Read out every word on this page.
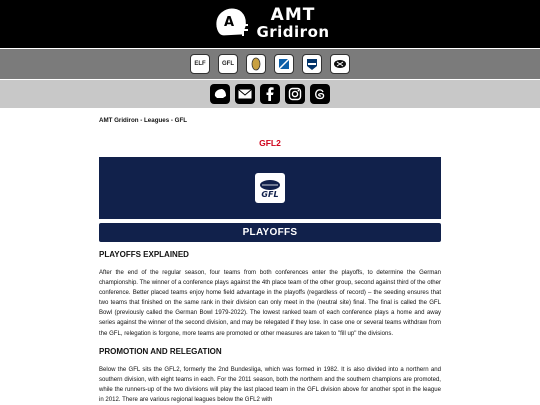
A	AMT
Gridiron
ELF	GFL
AMT Gridiron - Leagues - GFL
GFL2
GFL
PLAYOFFS
PLAYOFFS EXPLAINED

After the end of the regular season, four teams from both conferences enter the playoffs, to determine the German championship. The winner of a conference plays against the 4th place team of the other group, second against third of the other conference. Better placed teams enjoy home field advantage in the playoffs (regardless of record) – the seeding ensures that two teams that finished on the same rank in their division can only meet in the (neutral site) final. The final is called the GFL Bowl (previously called the German Bowl 1979-2022). The lowest ranked team of each conference plays a home and away series against the winner of the second division, and may be relegated if they lose. In case one or several teams withdraw from the GFL, relegation is forgone, more teams are promoted or other measures are taken to "fill up" the divisions.

PROMOTION AND RELEGATION

Below the GFL sits the GFL2, formerly the 2nd Bundesliga, which was formed in 1982. It is also divided into a northern and southern division, with eight teams in each. For the 2011 season, both the northern and the southern champions are promoted, while the runners-up of the two divisions will play the last placed team in the GFL division above for another spot in the league in 2012. There are various regional leagues below the GFL2 with
